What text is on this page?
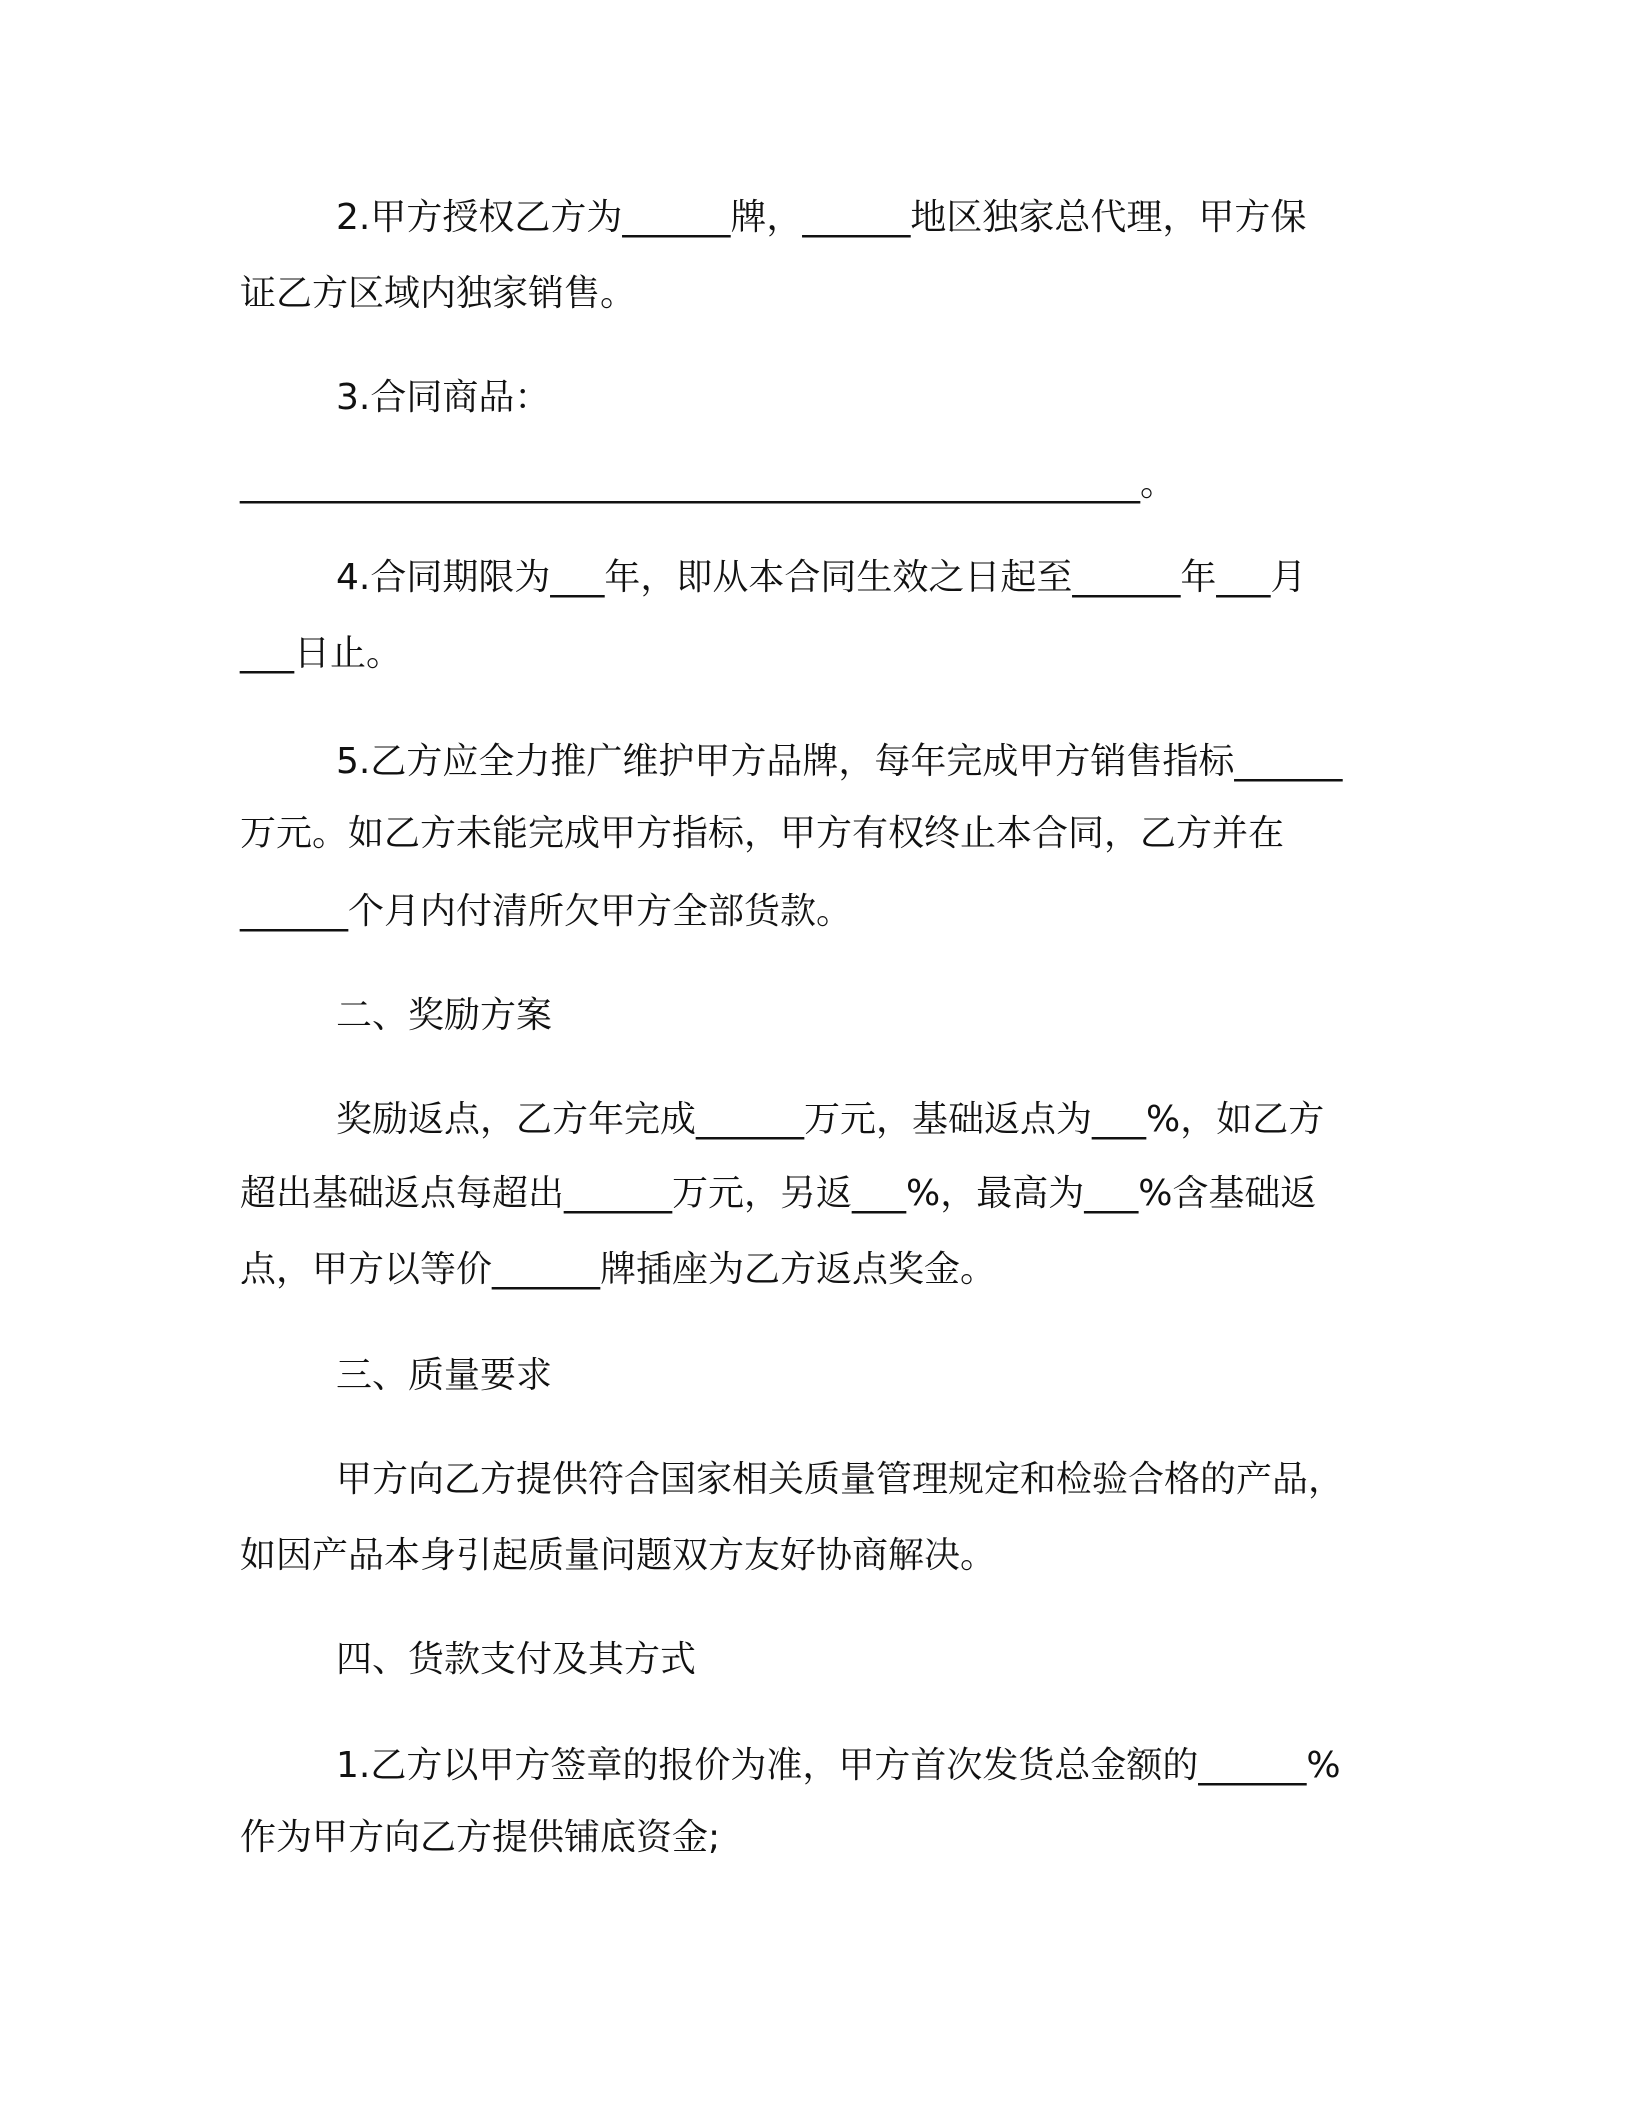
2.甲方授权乙方为______牌，______地区独家总代理，甲方保
证乙方区域内独家销售。
3.合同商品：
__________________________________________________。
4.合同期限为___年，即从本合同生效之日起至______年___月
___日止。
5.乙方应全力推广维护甲方品牌，每年完成甲方销售指标______
万元。如乙方未能完成甲方指标，甲方有权终止本合同，乙方并在
______个月内付清所欠甲方全部货款。
二、奖励方案
奖励返点，乙方年完成______万元，基础返点为___%，如乙方
超出基础返点每超出______万元，另返___%，最高为___%含基础返
点，甲方以等价______牌插座为乙方返点奖金。
三、质量要求
甲方向乙方提供符合国家相关质量管理规定和检验合格的产品，
如因产品本身引起质量问题双方友好协商解决。
四、货款支付及其方式
1.乙方以甲方签章的报价为准，甲方首次发货总金额的______%
作为甲方向乙方提供铺底资金;
